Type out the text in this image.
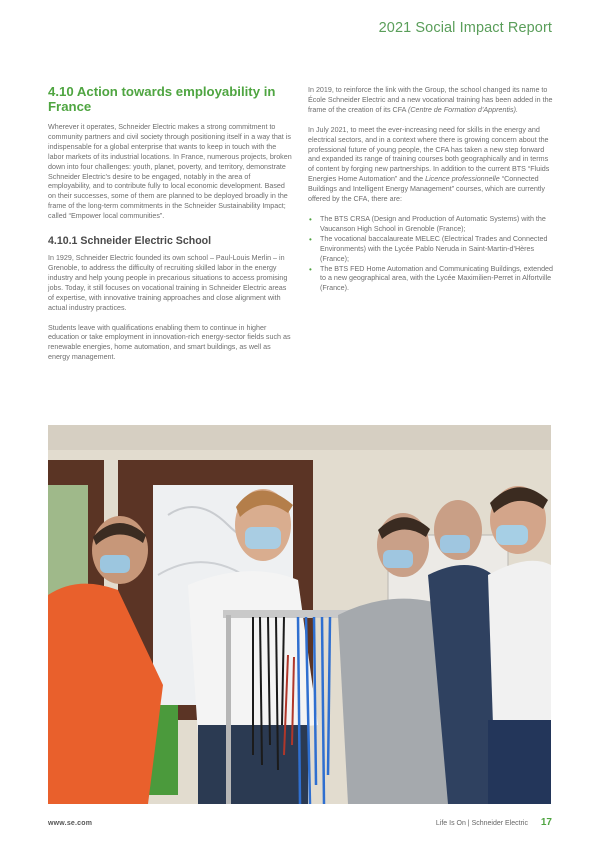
2021 Social Impact Report
4.10 Action towards employability in France

Wherever it operates, Schneider Electric makes a strong commitment to community partners and civil society through positioning itself in a way that is indispensable for a global enterprise that wants to keep in touch with the labor markets of its industrial locations. In France, numerous projects, broken down into four challenges: youth, planet, poverty, and territory, demonstrate Schneider Electric’s desire to be engaged, notably in the area of employability, and to contribute fully to local economic development. Based on their successes, some of them are planned to be deployed broadly in the frame of the long-term commitments in the Schneider Sustainability Impact; called “Empower local communities”.

4.10.1 Schneider Electric School

In 1929, Schneider Electric founded its own school – Paul-Louis Merlin – in Grenoble, to address the difficulty of recruiting skilled labor in the energy industry and help young people in precarious situations to access promising jobs. Today, it still focuses on vocational training in Schneider Electric areas of expertise, with innovative training approaches and close alignment with actual industry practices.

Students leave with qualifications enabling them to continue in higher education or take employment in innovation-rich energy-sector fields such as renewable energies, home automation, and smart buildings, as well as energy management.

In 2019, to reinforce the link with the Group, the school changed its name to École Schneider Electric and a new vocational training has been added in the frame of the creation of its CFA (Centre de Formation d’Apprentis).

In July 2021, to meet the ever-increasing need for skills in the energy and electrical sectors, and in a context where there is growing concern about the professional future of young people, the CFA has taken a new step forward and expanded its range of training courses both geographically and in terms of content by forging new partnerships. In addition to the current BTS “Fluids Energies Home Automation” and the Licence professionnelle “Connected Buildings and Intelligent Energy Management” courses, which are currently offered by the CFA, there are:

• The BTS CRSA (Design and Production of Automatic Systems) with the Vaucanson High School in Grenoble (France);
• The vocational baccalaureate MELEC (Electrical Trades and Connected Environments) with the Lycée Pablo Neruda in Saint-Martin-d’Hères (France);
• The BTS FED Home Automation and Communicating Buildings, extended to a new geographical area, with the Lycée Maximilien-Perret in Alfortville (France).
www.se.com	Life Is On | Schneider Electric 17
